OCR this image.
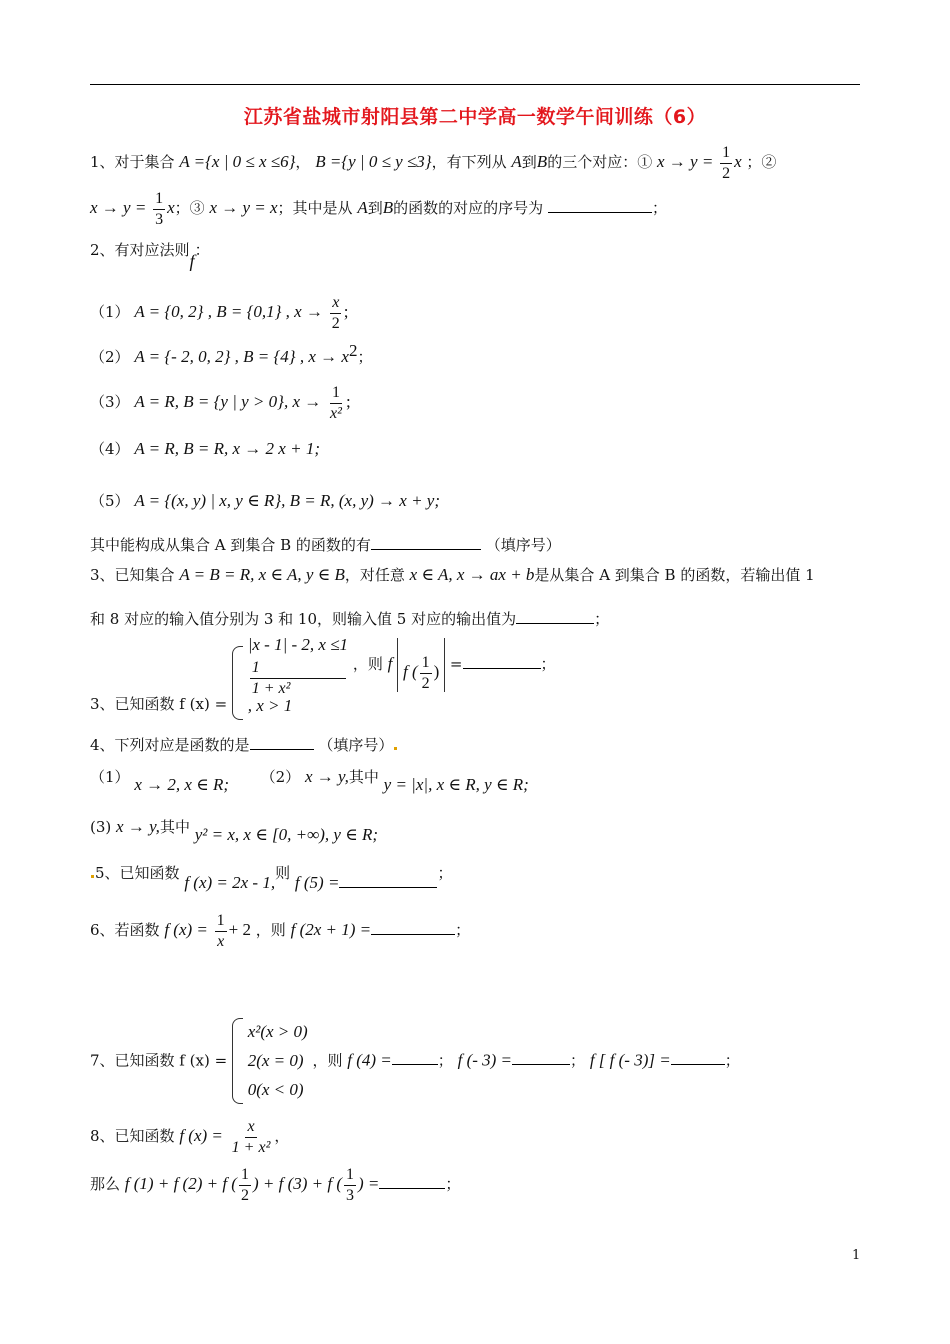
江苏省盐城市射阳县第二中学高一数学午间训练（6）
1、对于集合 A ={x | 0 ≤ x ≤6}， B ={y | 0 ≤ y ≤3}，有下列从 A到B的三个对应：① $x \to y = \frac{1}{2}$ x ；②
$x \to y = \frac{1}{3}$ x；③ x → y = x；其中是从 A到B的函数的对应的序号为	；
2、有对应法则f：
（1） A = {0, 2} , B = {0,1} , $x \to \frac{x}{2}$ ;
（2） A = {- 2, 0, 2} , B = {4} , $x \to x^2$；
（3） A = R, B = {y | y > 0}, $x \to \frac{1}{\text{x²}}$ ;
（4） A = R, B = R, x → 2 x + 1;
（5） A = {(x, y) | x, y ∈ R}, B = R, (x, y) → x + y;
其中能构成从集合 A 到集合 B 的函数的有	（填序号）
3、已知集合 A = B = R, x ∈ A, y ∈ B，对任意 x ∈ A, x → ax + b是从集合 A 到集合 B 的函数，若输出值 1
和 8 对应的输入值分别为 3 和 10，则输入值 5 对应的输出值为	；
3、已知函数 f (x) =
|x - 1| - 2, x ≤1
1
1 + x²
, x > 1
，则 f f ( $\frac{1}{2}$ ) =	；
4、下列对应是函数的是	（填序号）
（1） x → 2, x ∈ R; （2） x → y,其中 y = |x|, x ∈ R, y ∈ R;
(3) x → y,其中 y² = x, x ∈ [0, +∞), y ∈ R;
5、已知函数 f (x) = 2x - 1,则 f (5) =	；
6、若函数 f $(x) = \frac{1}{x} + 2$ ，则 f (2x + 1) =	；
7、已知函数 f (x) =
x²(x > 0)
2(x = 0)
0(x < 0)
，则 f (4) =	； f (- 3) =	； f [ f (- 3)] =	；
8、已知函数 f $(x) = \frac{x}{\text{1 + x²}}$ ，
那么 f (1) + f (2) + f ( $\frac{1}{2}$ ) + f (3) + f ( $\frac{1}{3}$ ) =	；
1
